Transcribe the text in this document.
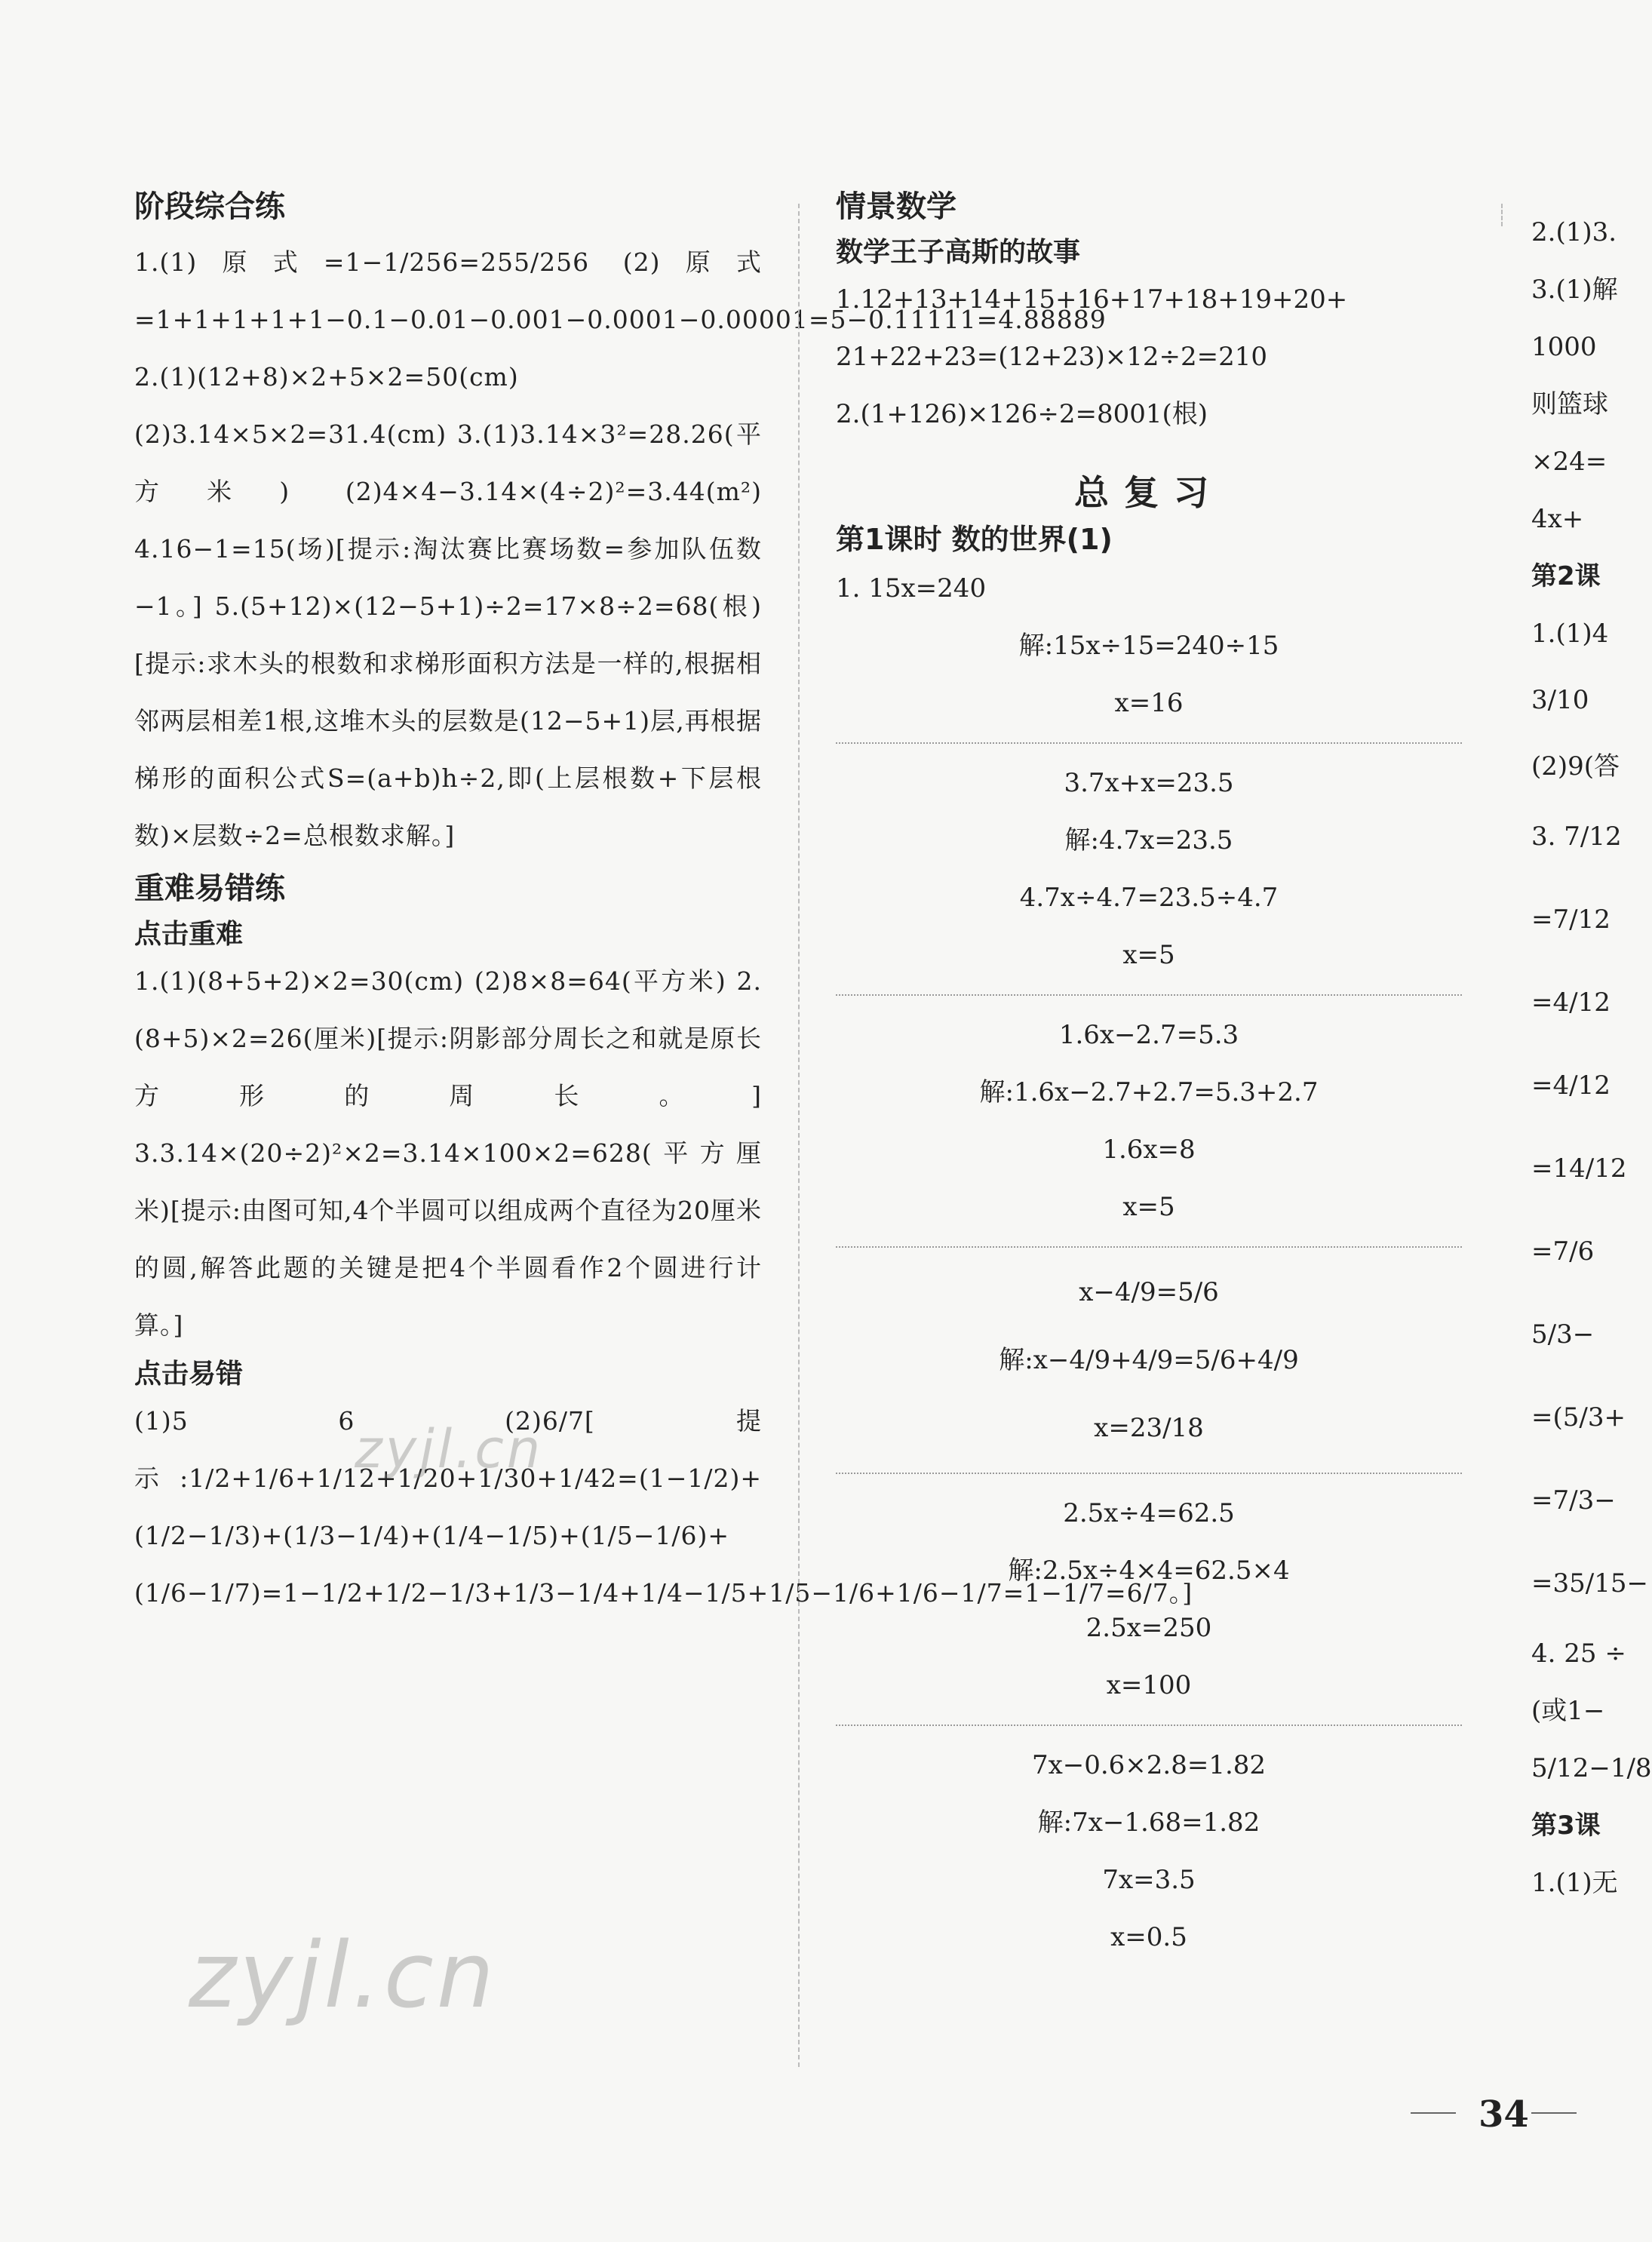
阶段综合练
1.(1)原式=1−1/256=255/256 (2)原式=1+1+1+1+1−0.1−0.01−0.001−0.0001−0.00001=5−0.11111=4.88889 2.(1)(12+8)×2+5×2=50(cm) (2)3.14×5×2=31.4(cm) 3.(1)3.14×3²=28.26(平方米) (2)4×4−3.14×(4÷2)²=3.44(m²) 4.16−1=15(场)[提示:淘汰赛比赛场数=参加队伍数−1。] 5.(5+12)×(12−5+1)÷2=17×8÷2=68(根)[提示:求木头的根数和求梯形面积方法是一样的,根据相邻两层相差1根,这堆木头的层数是(12−5+1)层,再根据梯形的面积公式S=(a+b)h÷2,即(上层根数+下层根数)×层数÷2=总根数求解。]
重难易错练
点击重难
1.(1)(8+5+2)×2=30(cm) (2)8×8=64(平方米) 2.(8+5)×2=26(厘米)[提示:阴影部分周长之和就是原长方形的周长。] 3.3.14×(20÷2)²×2=3.14×100×2=628(平方厘米)[提示:由图可知,4个半圆可以组成两个直径为20厘米的圆,解答此题的关键是把4个半圆看作2个圆进行计算。]
点击易错
(1)5 6 (2)6/7[提示:1/2+1/6+1/12+1/20+1/30+1/42=(1−1/2)+(1/2−1/3)+(1/3−1/4)+(1/4−1/5)+(1/5−1/6)+(1/6−1/7)=1−1/2+1/2−1/3+1/3−1/4+1/4−1/5+1/5−1/6+1/6−1/7=1−1/7=6/7。]
情景数学
数学王子高斯的故事
1.12+13+14+15+16+17+18+19+20+
21+22+23=(12+23)×12÷2=210
2.(1+126)×126÷2=8001(根)
总复习
第1课时 数的世界(1)
1. 15x=240
解:15x÷15=240÷15
x=16
3.7x+x=23.5
解:4.7x=23.5
4.7x÷4.7=23.5÷4.7
x=5
1.6x−2.7=5.3
解:1.6x−2.7+2.7=5.3+2.7
1.6x=8
x=5
x−4/9=5/6
解:x−4/9+4/9=5/6+4/9
x=23/18
2.5x÷4=62.5
解:2.5x÷4×4=62.5×4
2.5x=250
x=100
7x−0.6×2.8=1.82
解:7x−1.68=1.82
7x=3.5
x=0.5
2.(1)3.
3.(1)解
1000
则篮球
×24=
4x+
第2课
1.(1)4
3/10
(2)9(答
3. 7/12
=7/12
=4/12
=4/12
=14/12
=7/6
5/3−
=(5/3+
=7/3−
=35/15−
4. 25 ÷
(或1−
5/12−1/8
第3课
1.(1)无
zyjl.cn
zyjl.cn
34
